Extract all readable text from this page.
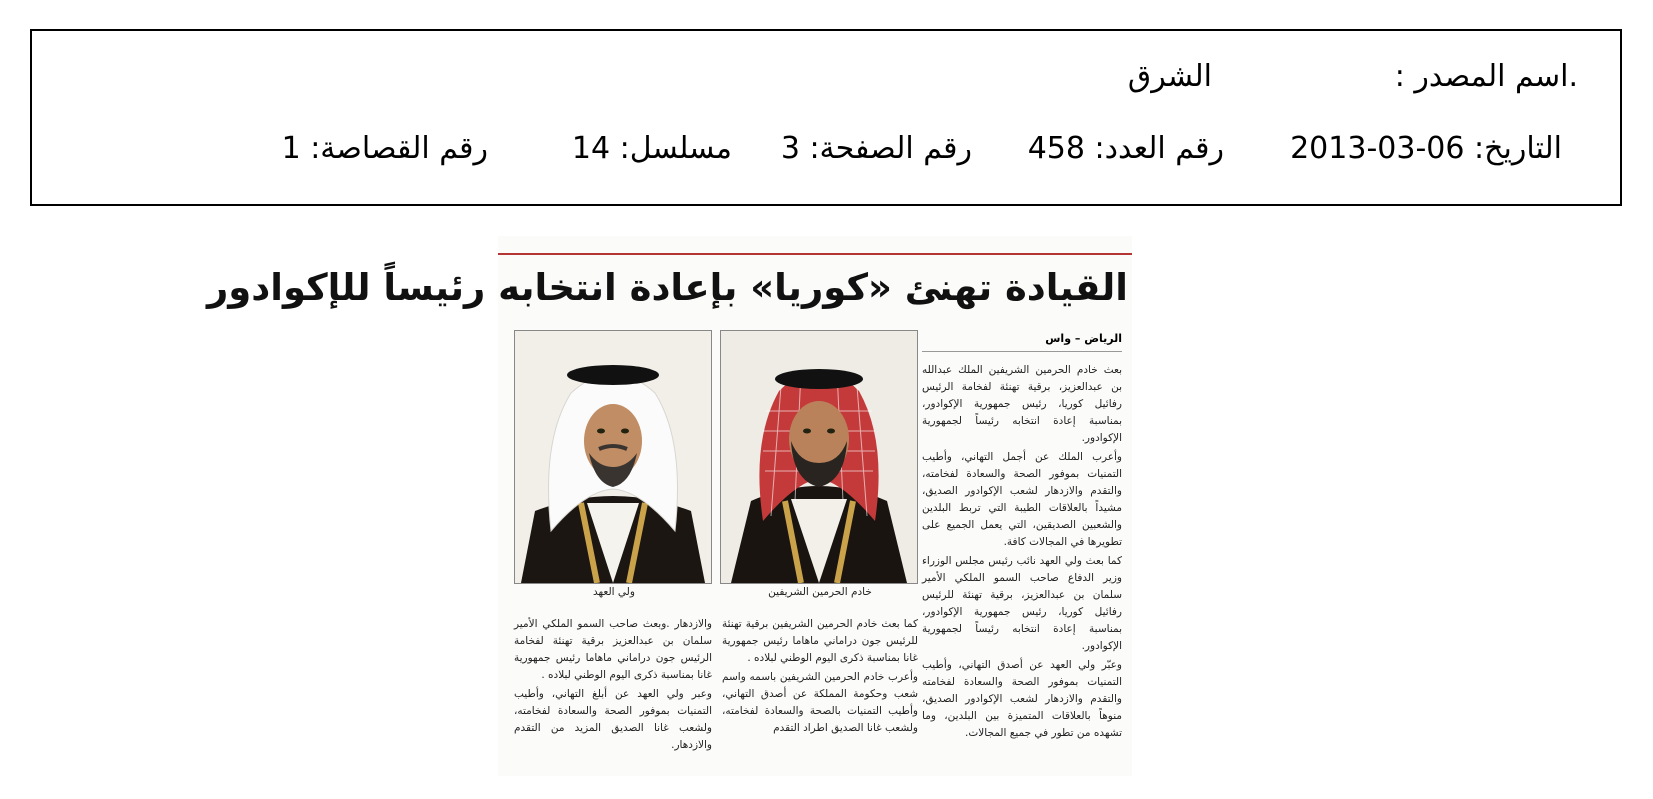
.اسم المصدر :
الشرق
التاريخ: 06-03-2013
رقم العدد: 458
رقم الصفحة: 3
مسلسل: 14
رقم القصاصة: 1
القيادة تهنئ «كوريا» بإعادة انتخابه رئيساً للإكوادور
الرياض – واس

بعث خادم الحرمين الشريفين الملك عبدالله بن عبدالعزيز، برقية تهنئة لفخامة الرئيس رفائيل كوريا، رئيس جمهورية الإكوادور، بمناسبة إعادة انتخابه رئيساً لجمهورية الإكوادور.

وأعرب الملك عن أجمل التهاني، وأطيب التمنيات بموفور الصحة والسعادة لفخامته، والتقدم والازدهار لشعب الإكوادور الصديق، مشيداً بالعلاقات الطيبة التي تربط البلدين والشعبين الصديقين، التي يعمل الجميع على تطويرها في المجالات كافة.

كما بعث ولي العهد نائب رئيس مجلس الوزراء وزير الدفاع صاحب السمو الملكي الأمير سلمان بن عبدالعزيز، برقية تهنئة للرئيس رفائيل كوريا، رئيس جمهورية الإكوادور، بمناسبة إعادة انتخابه رئيساً لجمهورية الإكوادور.

وعبّر ولي العهد عن أصدق التهاني، وأطيب التمنيات بموفور الصحة والسعادة لفخامته والتقدم والازدهار لشعب الإكوادور الصديق، منوهاً بالعلاقات المتميزة بين البلدين، وما تشهده من تطور في جميع المجالات.

خادم الحرمين الشريفين
ولي العهد

كما بعث خادم الحرمين الشريفين برقية تهنئة للرئيس جون دراماني ماهاما رئيس جمهورية غانا بمناسبة ذكرى اليوم الوطني لبلاده .

وأعرب خادم الحرمين الشريفين باسمه واسم شعب وحكومة المملكة عن أصدق التهاني، وأطيب التمنيات بالصحة والسعادة لفخامته، ولشعب غانا الصديق اطراد التقدم

والازدهار .وبعث صاحب السمو الملكي الأمير سلمان بن عبدالعزيز برقية تهنئة لفخامة الرئيس جون دراماني ماهاما رئيس جمهورية غانا بمناسبة ذكرى اليوم الوطني لبلاده .

وعبر ولي العهد عن أبلغ التهاني، وأطيب التمنيات بموفور الصحة والسعادة لفخامته، ولشعب غانا الصديق المزيد من التقدم والازدهار.
